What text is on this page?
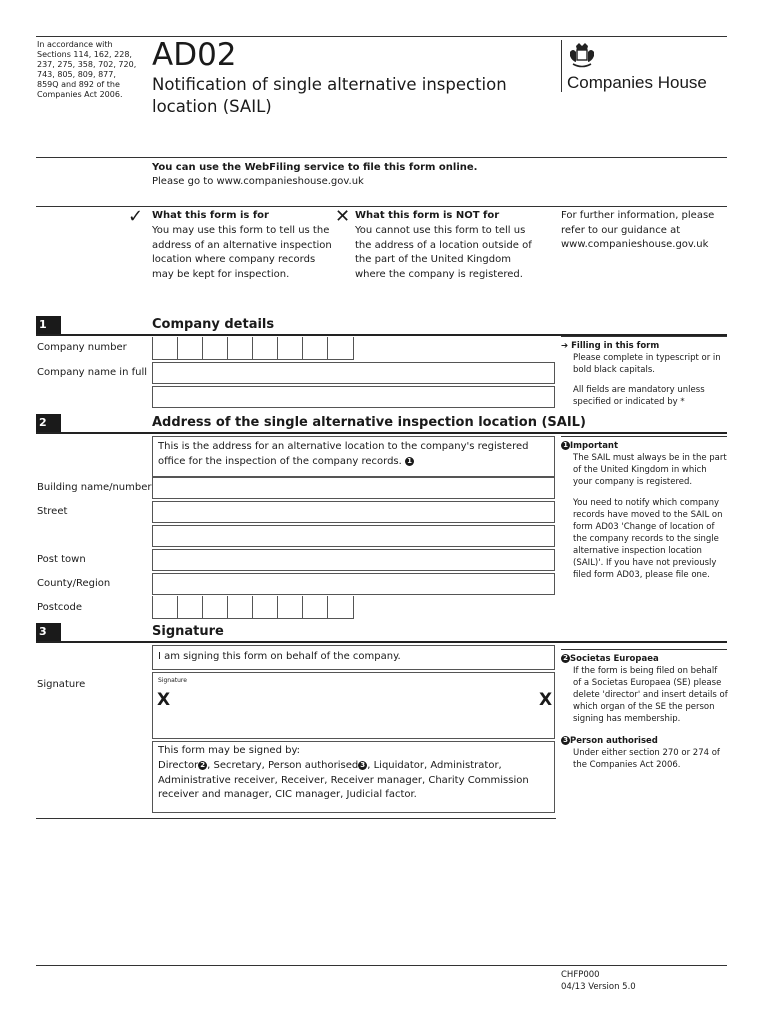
In accordance with Sections 114, 162, 228, 237, 275, 358, 702, 720, 743, 805, 809, 877, 859Q and 892 of the Companies Act 2006.
AD02
Notification of single alternative inspection location (SAIL)
Companies House
You can use the WebFiling service to file this form online.
Please go to www.companieshouse.gov.uk
✓ What this form is for
You may use this form to tell us the address of an alternative inspection location where company records may be kept for inspection.
✕ What this form is NOT for
You cannot use this form to tell us the address of a location outside of the part of the United Kingdom where the company is registered.
For further information, please refer to our guidance at www.companieshouse.gov.uk
1	Company details
Company number
Company name in full
➔ Filling in this form
Please complete in typescript or in bold black capitals.
All fields are mandatory unless specified or indicated by *
2	Address of the single alternative inspection location (SAIL)
This is the address for an alternative location to the company's registered office for the inspection of the company records. 1
Building name/number
Street
Post town
County/Region
Postcode
1 Important
The SAIL must always be in the part of the United Kingdom in which your company is registered.
You need to notify which company records have moved to the SAIL on form AD03 'Change of location of the company records to the single alternative inspection location (SAIL)'. If you have not previously filed form AD03, please file one.
3	Signature
I am signing this form on behalf of the company.
Signature	Signature
X	X
This form may be signed by:
Director 2 , Secretary, Person authorised 3 , Liquidator, Administrator, Administrative receiver, Receiver, Receiver manager, Charity Commission receiver and manager, CIC manager, Judicial factor.
2 Societas Europaea
If the form is being filed on behalf of a Societas Europaea (SE) please delete 'director' and insert details of which organ of the SE the person signing has membership.
3 Person authorised
Under either section 270 or 274 of the Companies Act 2006.
CHFP000
04/13 Version 5.0
